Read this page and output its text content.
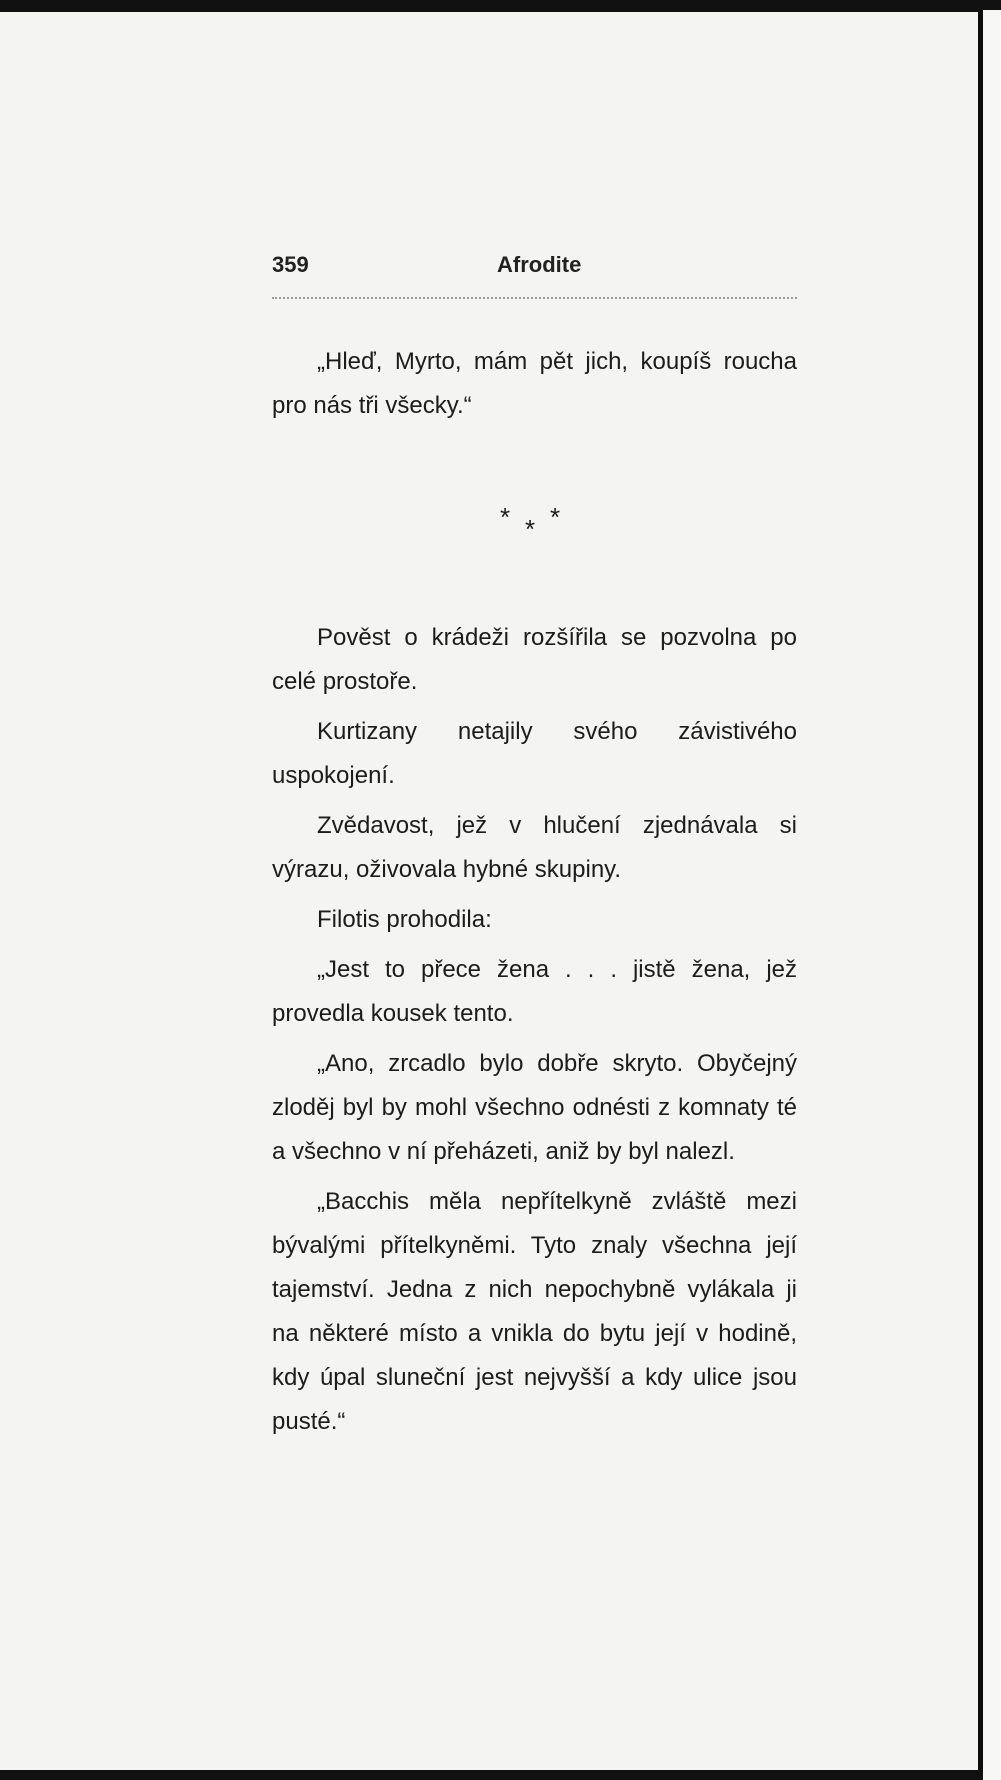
359	Afrodite

„Hleď, Myrto, mám pět jich, koupíš roucha pro nás tři všecky.“

* * *

Pověst o krádeži rozšířila se pozvolna po celé prostoře.

Kurtizany netajily svého závistivého uspokojení.

Zvědavost, jež v hlučení zjednávala si výrazu, oživovala hybné skupiny.

Filotis prohodila:

„Jest to přece žena . . . jistě žena, jež provedla kousek tento.

„Ano, zrcadlo bylo dobře skryto. Obyčejný zloděj byl by mohl všechno odnésti z komnaty té a všechno v ní přeházeti, aniž by byl nalezl.

„Bacchis měla nepřítelkyně zvláště mezi bývalými přítelkyněmi. Tyto znaly všechna její tajemství. Jedna z nich nepochybně vylákala ji na některé místo a vnikla do bytu její v hodině, kdy úpal sluneční jest nejvyšší a kdy ulice jsou pusté.“
